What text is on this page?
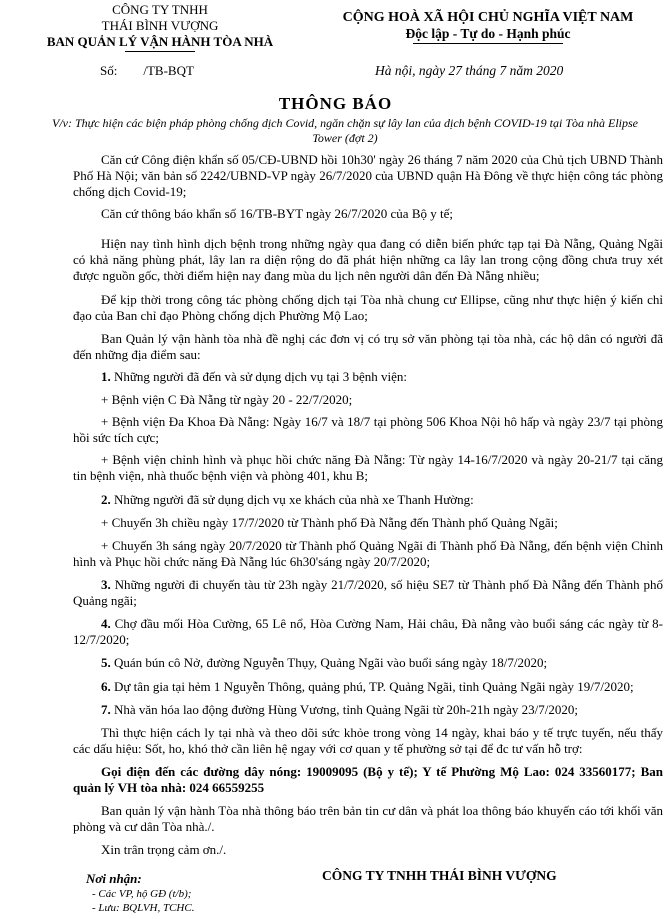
CÔNG TY TNHH
THÁI BÌNH VƯỢNG
BAN QUẢN LÝ VẬN HÀNH TÒA NHÀ
Số: /TB-BQT
CỘNG HOÀ XÃ HỘI CHỦ NGHĨA VIỆT NAM
Độc lập - Tự do - Hạnh phúc
Hà nội, ngày 27 tháng 7 năm 2020
THÔNG BÁO
V/v: Thực hiện các biện pháp phòng chống dịch Covid, ngăn chặn sự lây lan của dịch bệnh COVID-19 tại Tòa nhà Elipse Tower (đợt 2)
Căn cứ Công điện khẩn số 05/CĐ-UBND hồi 10h30' ngày 26 tháng 7 năm 2020 của Chủ tịch UBND Thành Phố Hà Nội; văn bản số 2242/UBND-VP ngày 26/7/2020 của UBND quận Hà Đông về thực hiện công tác phòng chống dịch Covid-19;
Căn cứ thông báo khẩn số 16/TB-BYT ngày 26/7/2020 của Bộ y tế;
Hiện nay tình hình dịch bệnh trong những ngày qua đang có diễn biến phức tạp tại Đà Nẵng, Quảng Ngãi có khả năng phùng phát, lây lan ra diện rộng do đã phát hiện những ca lây lan trong cộng đồng chưa truy xét được nguồn gốc, thời điểm hiện nay đang mùa du lịch nên người dân đến Đà Nẵng nhiều;
Để kịp thời trong công tác phòng chống dịch tại Tòa nhà chung cư Ellipse, cũng như thực hiện ý kiến chỉ đạo của Ban chỉ đạo Phòng chống dịch Phường Mộ Lao;
Ban Quản lý vận hành tòa nhà đề nghị các đơn vị có trụ sở văn phòng tại tòa nhà, các hộ dân có người đã đến những địa điểm sau:
1. Những người đã đến và sử dụng dịch vụ tại 3 bệnh viện:
+ Bệnh viện C Đà Nẵng từ ngày 20 - 22/7/2020;
+ Bệnh viện Đa Khoa Đà Nẵng: Ngày 16/7 và 18/7 tại phòng 506 Khoa Nội hô hấp và ngày 23/7 tại phòng hồi sức tích cực;
+ Bệnh viện chỉnh hình và phục hồi chức năng Đà Nẵng: Từ ngày 14-16/7/2020 và ngày 20-21/7 tại căng tin bệnh viện, nhà thuốc bệnh viện và phòng 401, khu B;
2. Những người đã sử dụng dịch vụ xe khách của nhà xe Thanh Hường:
+ Chuyến 3h chiều ngày 17/7/2020 từ Thành phố Đà Nẵng đến Thành phố Quảng Ngãi;
+ Chuyến 3h sáng ngày 20/7/2020 từ Thành phố Quảng Ngãi đi Thành phố Đà Nẵng, đến bệnh viện Chỉnh hình và Phục hồi chức năng Đà Nẵng lúc 6h30'sáng ngày 20/7/2020;
3. Những người đi chuyến tàu từ 23h ngày 21/7/2020, số hiệu SE7 từ Thành phố Đà Nẵng đến Thành phố Quảng ngãi;
4. Chợ đầu mối Hòa Cường, 65 Lê nổ, Hòa Cường Nam, Hải châu, Đà nẵng vào buổi sáng các ngày từ 8-12/7/2020;
5. Quán bún cô Nở, đường Nguyễn Thụy, Quảng Ngãi vào buổi sáng ngày 18/7/2020;
6. Dự tân gia tại hẻm 1 Nguyễn Thông, quảng phú, TP. Quảng Ngãi, tỉnh Quảng Ngãi ngày 19/7/2020;
7. Nhà văn hóa lao động đường Hùng Vương, tỉnh Quảng Ngãi từ 20h-21h ngày 23/7/2020;
Thì thực hiện cách ly tại nhà và theo dõi sức khỏe trong vòng 14 ngày, khai báo y tế trực tuyến, nếu thấy các dấu hiệu: Sốt, ho, khó thở cần liên hệ ngay với cơ quan y tế phường sở tại để đc tư vấn hỗ trợ:
Gọi điện đến các đường dây nóng: 19009095 (Bộ y tế); Y tế Phường Mộ Lao: 024 33560177; Ban quản lý VH tòa nhà: 024 66559255
Ban quản lý vận hành Tòa nhà thông báo trên bản tin cư dân và phát loa thông báo khuyến cáo tới khối văn phòng và cư dân Tòa nhà./.
Xin trân trọng cảm ơn./.
Nơi nhận:
- Các VP, hộ GĐ (t/b);
- Lưu: BQLVH, TCHC.
CÔNG TY TNHH THÁI BÌNH VƯỢNG
